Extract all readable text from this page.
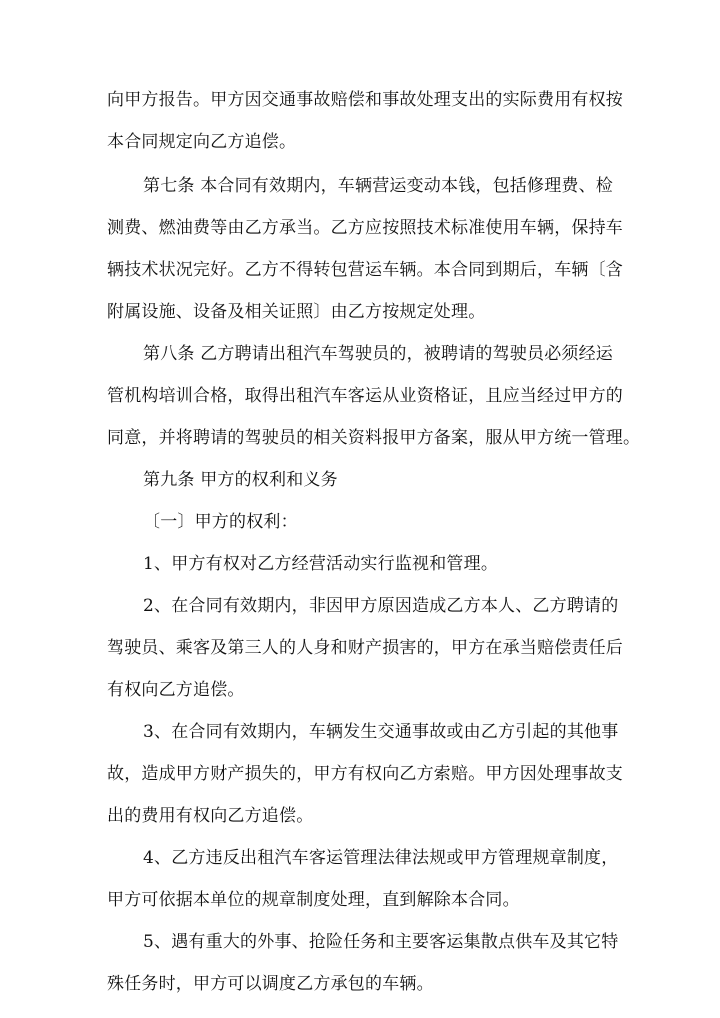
向甲方报告。甲方因交通事故赔偿和事故处理支出的实际费用有权按
本合同规定向乙方追偿。
第七条 本合同有效期内，车辆营运变动本钱，包括修理费、检
测费、燃油费等由乙方承当。乙方应按照技术标准使用车辆，保持车
辆技术状况完好。乙方不得转包营运车辆。本合同到期后，车辆〔含
附属设施、设备及相关证照〕由乙方按规定处理。
第八条 乙方聘请出租汽车驾驶员的，被聘请的驾驶员必须经运
管机构培训合格，取得出租汽车客运从业资格证，且应当经过甲方的
同意，并将聘请的驾驶员的相关资料报甲方备案，服从甲方统一管理。
第九条 甲方的权利和义务
〔一〕甲方的权利：
1、甲方有权对乙方经营活动实行监视和管理。
2、在合同有效期内，非因甲方原因造成乙方本人、乙方聘请的
驾驶员、乘客及第三人的人身和财产损害的，甲方在承当赔偿责任后
有权向乙方追偿。
3、在合同有效期内，车辆发生交通事故或由乙方引起的其他事
故，造成甲方财产损失的，甲方有权向乙方索赔。甲方因处理事故支
出的费用有权向乙方追偿。
4、乙方违反出租汽车客运管理法律法规或甲方管理规章制度，
甲方可依据本单位的规章制度处理，直到解除本合同。
5、遇有重大的外事、抢险任务和主要客运集散点供车及其它特
殊任务时，甲方可以调度乙方承包的车辆。
